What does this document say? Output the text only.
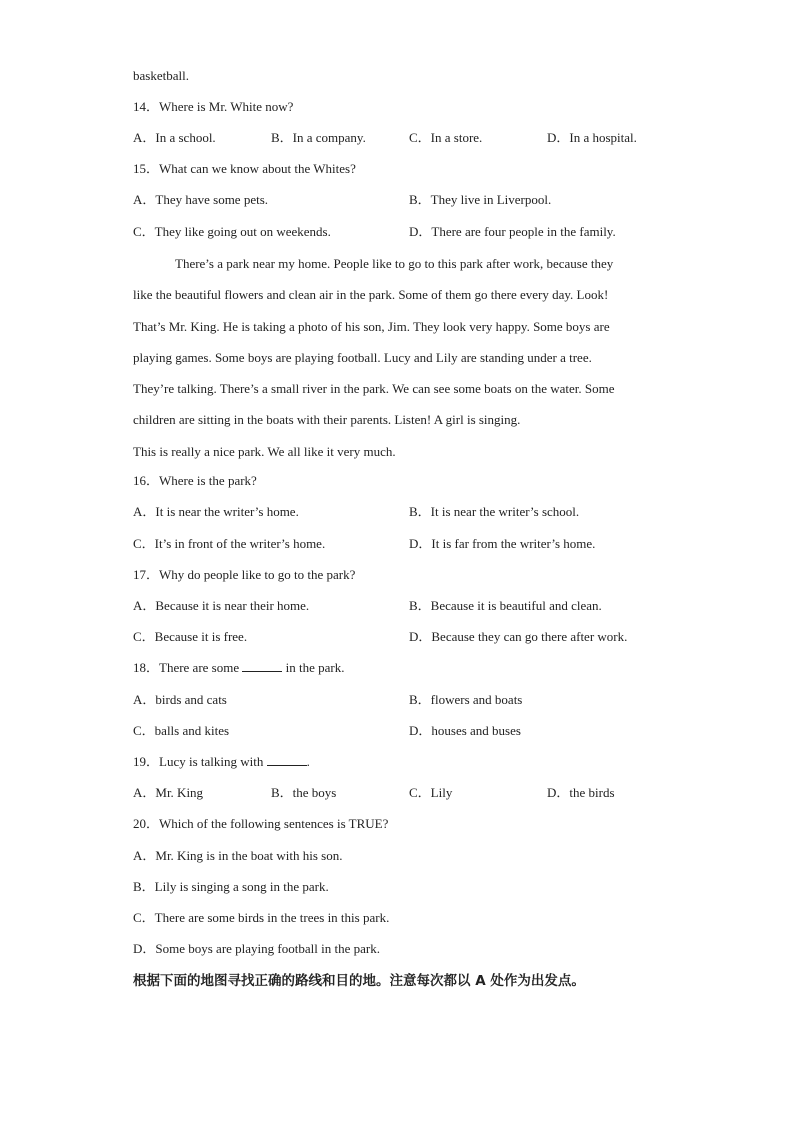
basketball.
14．Where is Mr. White now?
A．In a school.	B．In a company.	C．In a store.	D．In a hospital.
15．What can we know about the Whites?
A．They have some pets.	B．They live in Liverpool.
C．They like going out on weekends.	D．There are four people in the family.

There’s a park near my home. People like to go to this park after work, because they

like the beautiful flowers and clean air in the park. Some of them go there every day. Look!

That’s Mr. King. He is taking a photo of his son, Jim. They look very happy. Some boys are

playing games. Some boys are playing football. Lucy and Lily are standing under a tree.

They’re talking. There’s a small river in the park. We can see some boats on the water. Some

children are sitting in the boats with their parents. Listen! A girl is singing.

This is really a nice park. We all like it very much.

16．Where is the park?
A．It is near the writer’s home.	B．It is near the writer’s school.
C．It’s in front of the writer’s home.	D．It is far from the writer’s home.
17．Why do people like to go to the park?
A．Because it is near their home.	B．Because it is beautiful and clean.
C．Because it is free.	D．Because they can go there after work.
18．There are some	in the park.
A．birds and cats	B．flowers and boats
C．balls and kites	D．houses and buses
19．Lucy is talking with	.
A．Mr. King	B．the boys	C．Lily	D．the birds
20．Which of the following sentences is TRUE?
A．Mr. King is in the boat with his son.
B．Lily is singing a song in the park.
C．There are some birds in the trees in this park.
D．Some boys are playing football in the park.
根据下面的地图寻找正确的路线和目的地。注意每次都以 A 处作为出发点。
